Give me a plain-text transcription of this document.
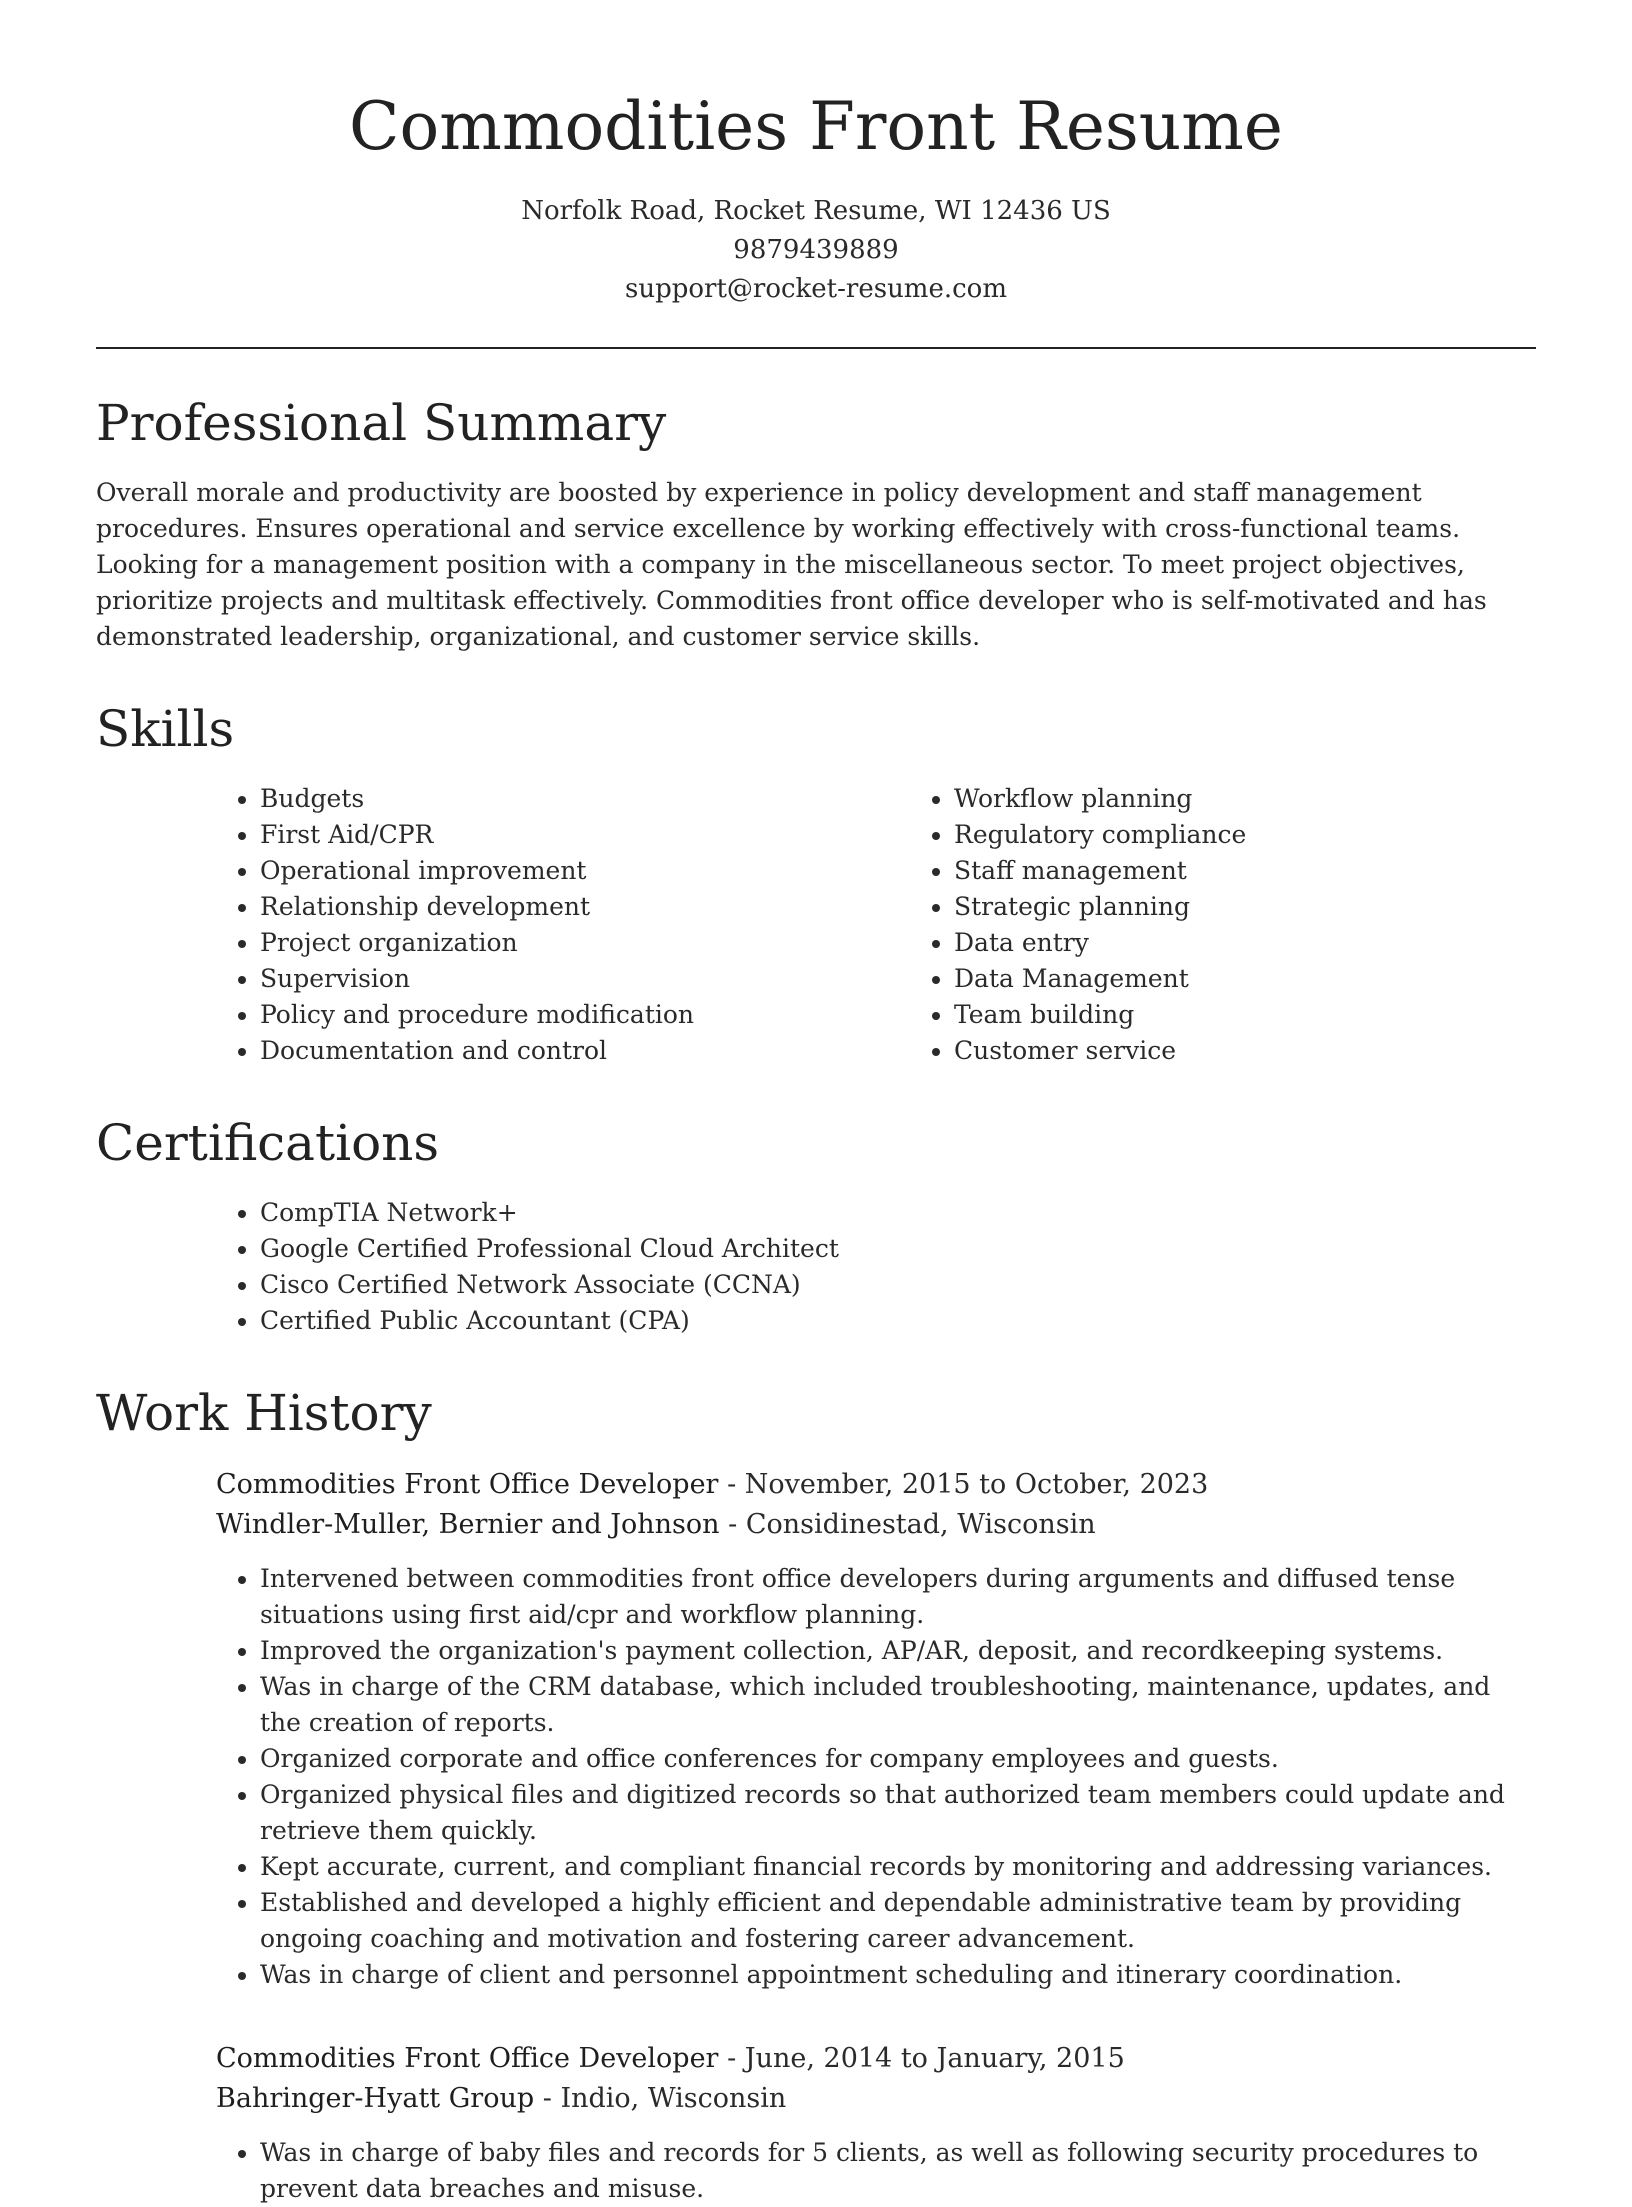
Commodities Front Resume
Norfolk Road, Rocket Resume, WI 12436 US
9879439889
support@rocket-resume.com
Professional Summary

Overall morale and productivity are boosted by experience in policy development and staff management procedures. Ensures operational and service excellence by working effectively with cross-functional teams. Looking for a management position with a company in the miscellaneous sector. To meet project objectives, prioritize projects and multitask effectively. Commodities front office developer who is self-motivated and has demonstrated leadership, organizational, and customer service skills.

Skills
• Budgets
• First Aid/CPR
• Operational improvement
• Relationship development
• Project organization
• Supervision
• Policy and procedure modification
• Documentation and control
• Workflow planning
• Regulatory compliance
• Staff management
• Strategic planning
• Data entry
• Data Management
• Team building
• Customer service
Certifications
• CompTIA Network+
• Google Certified Professional Cloud Architect
• Cisco Certified Network Associate (CCNA)
• Certified Public Accountant (CPA)
Work History
Commodities Front Office Developer - November, 2015 to October, 2023
Windler-Muller, Bernier and Johnson - Considinestad, Wisconsin
• Intervened between commodities front office developers during arguments and diffused tense situations using first aid/cpr and workflow planning.
• Improved the organization's payment collection, AP/AR, deposit, and recordkeeping systems.
• Was in charge of the CRM database, which included troubleshooting, maintenance, updates, and the creation of reports.
• Organized corporate and office conferences for company employees and guests.
• Organized physical files and digitized records so that authorized team members could update and retrieve them quickly.
• Kept accurate, current, and compliant financial records by monitoring and addressing variances.
• Established and developed a highly efficient and dependable administrative team by providing ongoing coaching and motivation and fostering career advancement.
• Was in charge of client and personnel appointment scheduling and itinerary coordination.
Commodities Front Office Developer - June, 2014 to January, 2015
Bahringer-Hyatt Group - Indio, Wisconsin
• Was in charge of baby files and records for 5 clients, as well as following security procedures to prevent data breaches and misuse.
